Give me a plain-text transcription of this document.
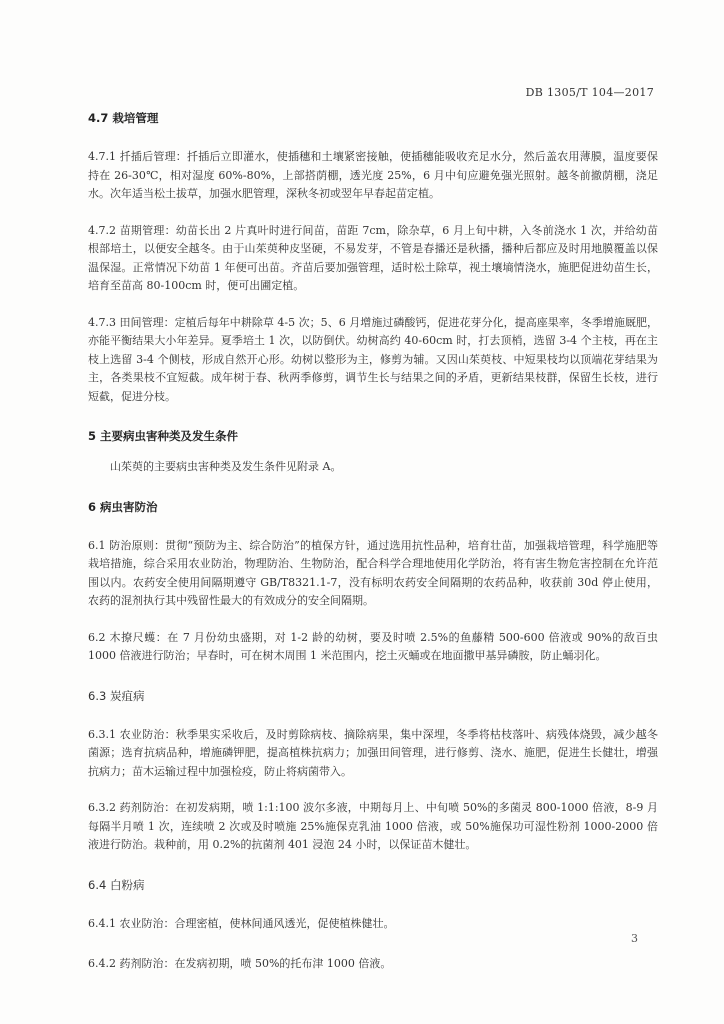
DB 1305/T 104—2017

4.7 栽培管理

4.7.1 扦插后管理：扦插后立即灌水，使插穗和土壤紧密接触，使插穗能吸收充足水分，然后盖农用薄膜，温度要保持在 26-30℃，相对湿度 60%-80%，上部搭荫棚，透光度 25%，6 月中旬应避免强光照射。越冬前撤荫棚，浇足水。次年适当松土拔草，加强水肥管理，深秋冬初或翌年早春起苗定植。

4.7.2 苗期管理：幼苗长出 2 片真叶时进行间苗，苗距 7cm，除杂草，6 月上旬中耕，入冬前浇水 1 次，并给幼苗根部培土，以便安全越冬。由于山茱萸种皮坚硬，不易发芽，不管是春播还是秋播，播种后都应及时用地膜覆盖以保温保湿。正常情况下幼苗 1 年便可出苗。齐苗后要加强管理，适时松土除草，视土壤墒情浇水，施肥促进幼苗生长，培育至苗高 80-100cm 时，便可出圃定植。

4.7.3 田间管理：定植后每年中耕除草 4-5 次；5、6 月增施过磷酸钙，促进花芽分化，提高座果率，冬季增施厩肥，亦能平衡结果大小年差异。夏季培土 1 次，以防倒伏。幼树高约 40-60cm 时，打去顶梢，选留 3-4 个主枝，再在主枝上选留 3-4 个侧枝，形成自然开心形。幼树以整形为主，修剪为辅。又因山茱萸枝、中短果枝均以顶端花芽结果为主，各类果枝不宜短截。成年树于春、秋两季修剪，调节生长与结果之间的矛盾，更新结果枝群，保留生长枝，进行短截，促进分枝。

5 主要病虫害种类及发生条件

山茱萸的主要病虫害种类及发生条件见附录 A。

6 病虫害防治

6.1 防治原则：贯彻“预防为主、综合防治”的植保方针，通过选用抗性品种，培育壮苗，加强栽培管理，科学施肥等栽培措施，综合采用农业防治，物理防治、生物防治，配合科学合理地使用化学防治，将有害生物危害控制在允许范围以内。农药安全使用间隔期遵守 GB/T8321.1-7，没有标明农药安全间隔期的农药品种，收获前 30d 停止使用，农药的混剂执行其中残留性最大的有效成分的安全间隔期。

6.2 木撩尺蠖：在 7 月份幼虫盛期，对 1-2 龄的幼树，要及时喷 2.5%的鱼藤精 500-600 倍液或 90%的敌百虫 1000 倍液进行防治；早春时，可在树木周围 1 米范围内，挖土灭蛹或在地面撒甲基异磷胺，防止蛹羽化。

6.3 炭疽病

6.3.1 农业防治：秋季果实采收后，及时剪除病枝、摘除病果，集中深埋，冬季将枯枝落叶、病残体烧毁，减少越冬菌源；选育抗病品种，增施磷钾肥，提高植株抗病力；加强田间管理，进行修剪、浇水、施肥，促进生长健壮，增强抗病力；苗木运输过程中加强检疫，防止将病菌带入。

6.3.2 药剂防治：在初发病期，喷 1:1:100 波尔多液，中期每月上、中旬喷 50%的多菌灵 800-1000 倍液，8-9 月每隔半月喷 1 次，连续喷 2 次或及时喷施 25%施保克乳油 1000 倍液，或 50%施保功可湿性粉剂 1000-2000 倍液进行防治。栽种前，用 0.2%的抗菌剂 401 浸泡 24 小时，以保证苗木健壮。

6.4 白粉病

6.4.1 农业防治：合理密植，使林间通风透光，促使植株健壮。

6.4.2 药剂防治：在发病初期，喷 50%的托布津 1000 倍液。

3
